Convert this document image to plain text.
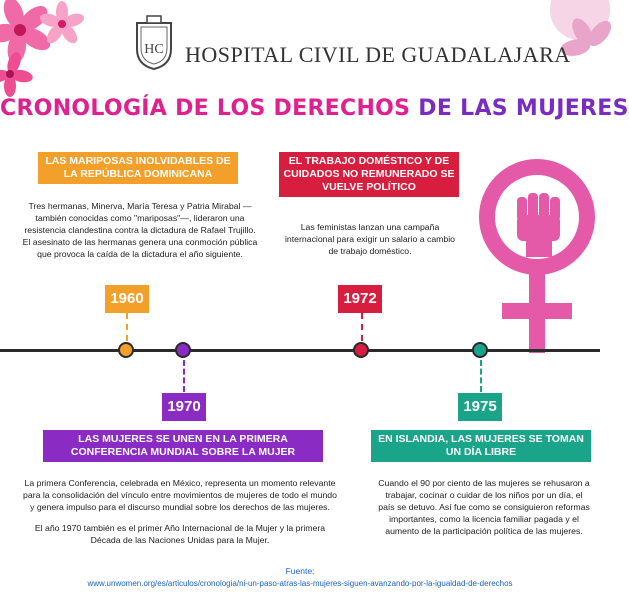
HC HOSPITAL CIVIL DE GUADALAJARA
CRONOLOGÍA DE LOS DERECHOS DE LAS MUJERES
LAS MARIPOSAS INOLVIDABLES DE LA REPÚBLICA DOMINICANA
Tres hermanas, Minerva, María Teresa y Patria Mirabal —también conocidas como "mariposas"—, lideraron una resistencia clandestina contra la dictadura de Rafael Trujillo. El asesinato de las hermanas genera una conmoción pública que provoca la caída de la dictadura el año siguiente.
EL TRABAJO DOMÉSTICO Y DE CUIDADOS NO REMUNERADO SE VUELVE POLÍTICO
Las feministas lanzan una campaña internacional para exigir un salario a cambio de trabajo doméstico.
1960
1970
1972
1975
LAS MUJERES SE UNEN EN LA PRIMERA CONFERENCIA MUNDIAL SOBRE LA MUJER
La primera Conferencia, celebrada en México, representa un momento relevante para la consolidación del vínculo entre movimientos de mujeres de todo el mundo y genera impulso para el discurso mundial sobre los derechos de las mujeres.
El año 1970 también es el primer Año Internacional de la Mujer y la primera Década de las Naciones Unidas para la Mujer.
EN ISLANDIA, LAS MUJERES SE TOMAN UN DÍA LIBRE
Cuando el 90 por ciento de las mujeres se rehusaron a trabajar, cocinar o cuidar de los niños por un día, el país se detuvo. Así fue como se consiguieron reformas importantes, como la licencia familiar pagada y el aumento de la participación política de las mujeres.
Fuente:
www.unwomen.org/es/articulos/cronologia/ni-un-paso-atras-las-mujeres-siguen-avanzando-por-la-igualdad-de-derechos
